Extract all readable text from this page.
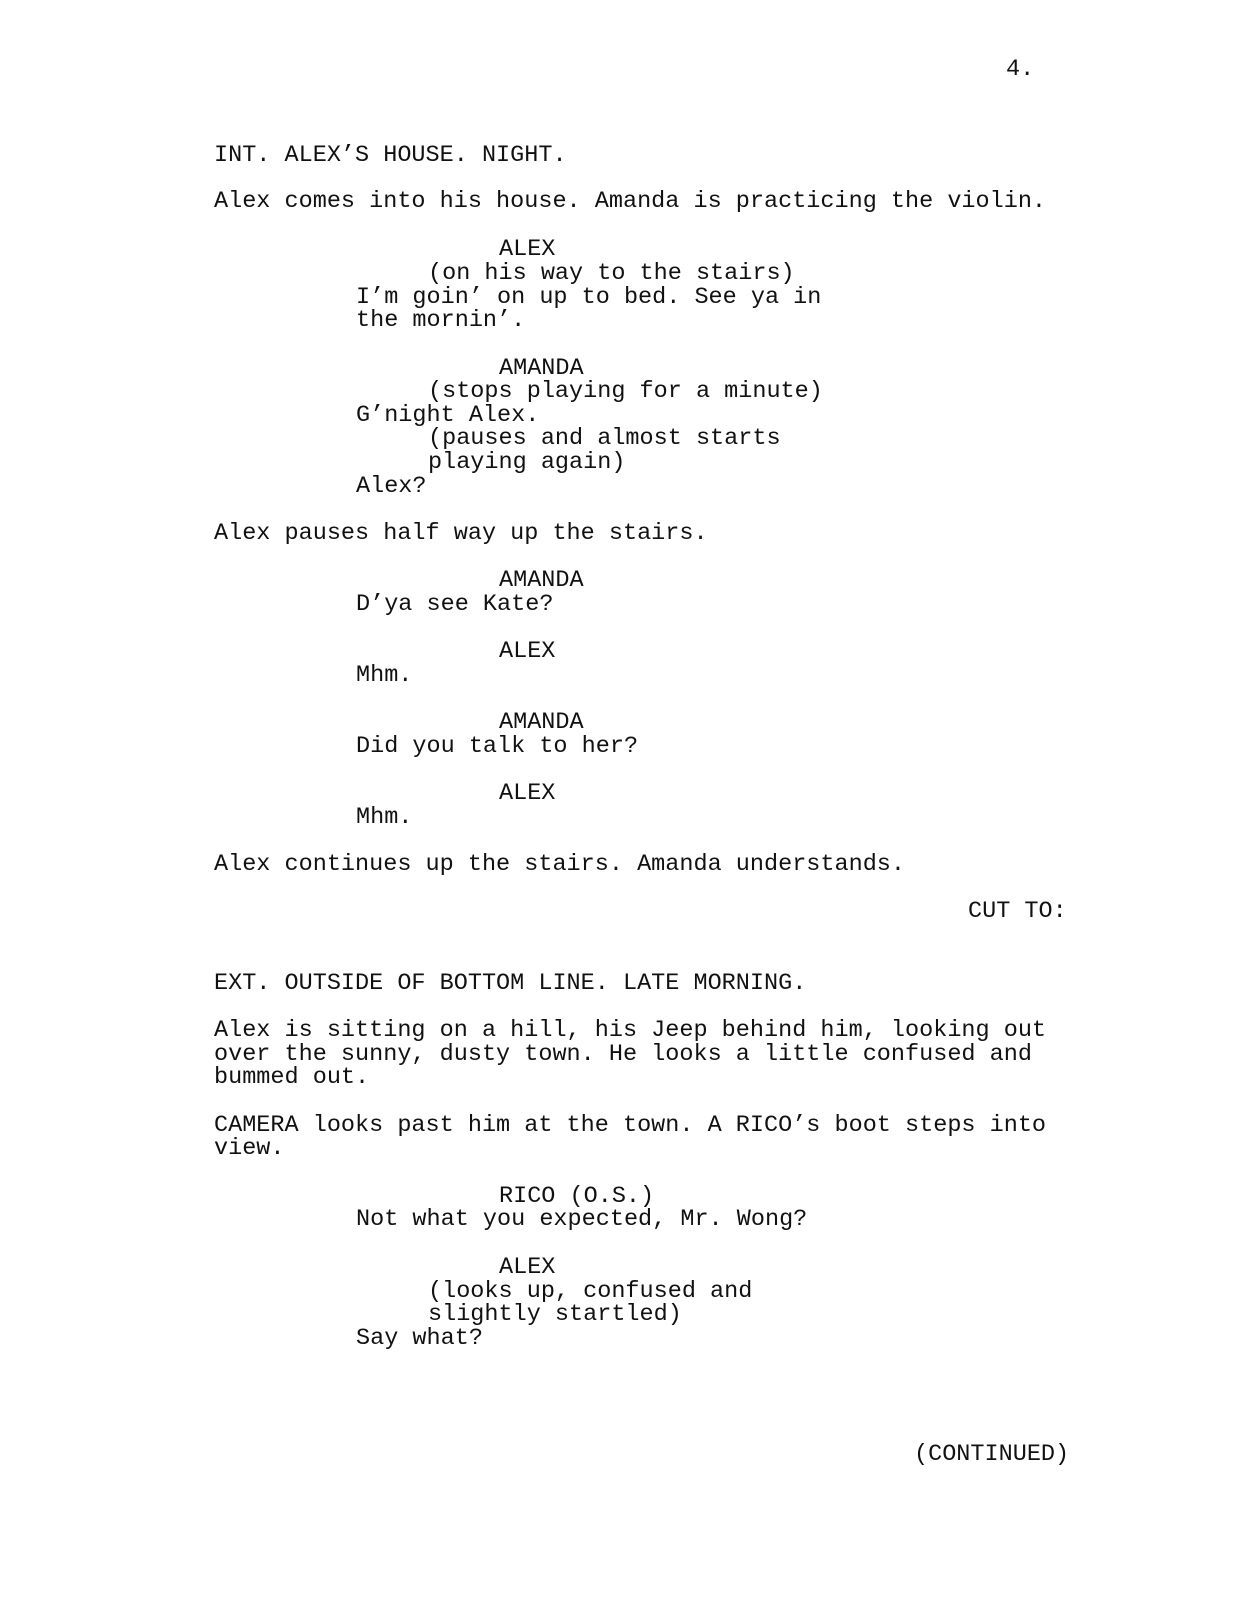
4.
INT. ALEX’S HOUSE. NIGHT.
Alex comes into his house. Amanda is practicing the violin.
ALEX
(on his way to the stairs)
I’m goin’ on up to bed. See ya in
the mornin’.
AMANDA
(stops playing for a minute)
G’night Alex.
(pauses and almost starts
playing again)
Alex?
Alex pauses half way up the stairs.
AMANDA
D’ya see Kate?
ALEX
Mhm.
AMANDA
Did you talk to her?
ALEX
Mhm.
Alex continues up the stairs. Amanda understands.
CUT TO:
EXT. OUTSIDE OF BOTTOM LINE. LATE MORNING.
Alex is sitting on a hill, his Jeep behind him, looking out
over the sunny, dusty town. He looks a little confused and
bummed out.
CAMERA looks past him at the town. A RICO’s boot steps into
view.
RICO (O.S.)
Not what you expected, Mr. Wong?
ALEX
(looks up, confused and
slightly startled)
Say what?
(CONTINUED)
